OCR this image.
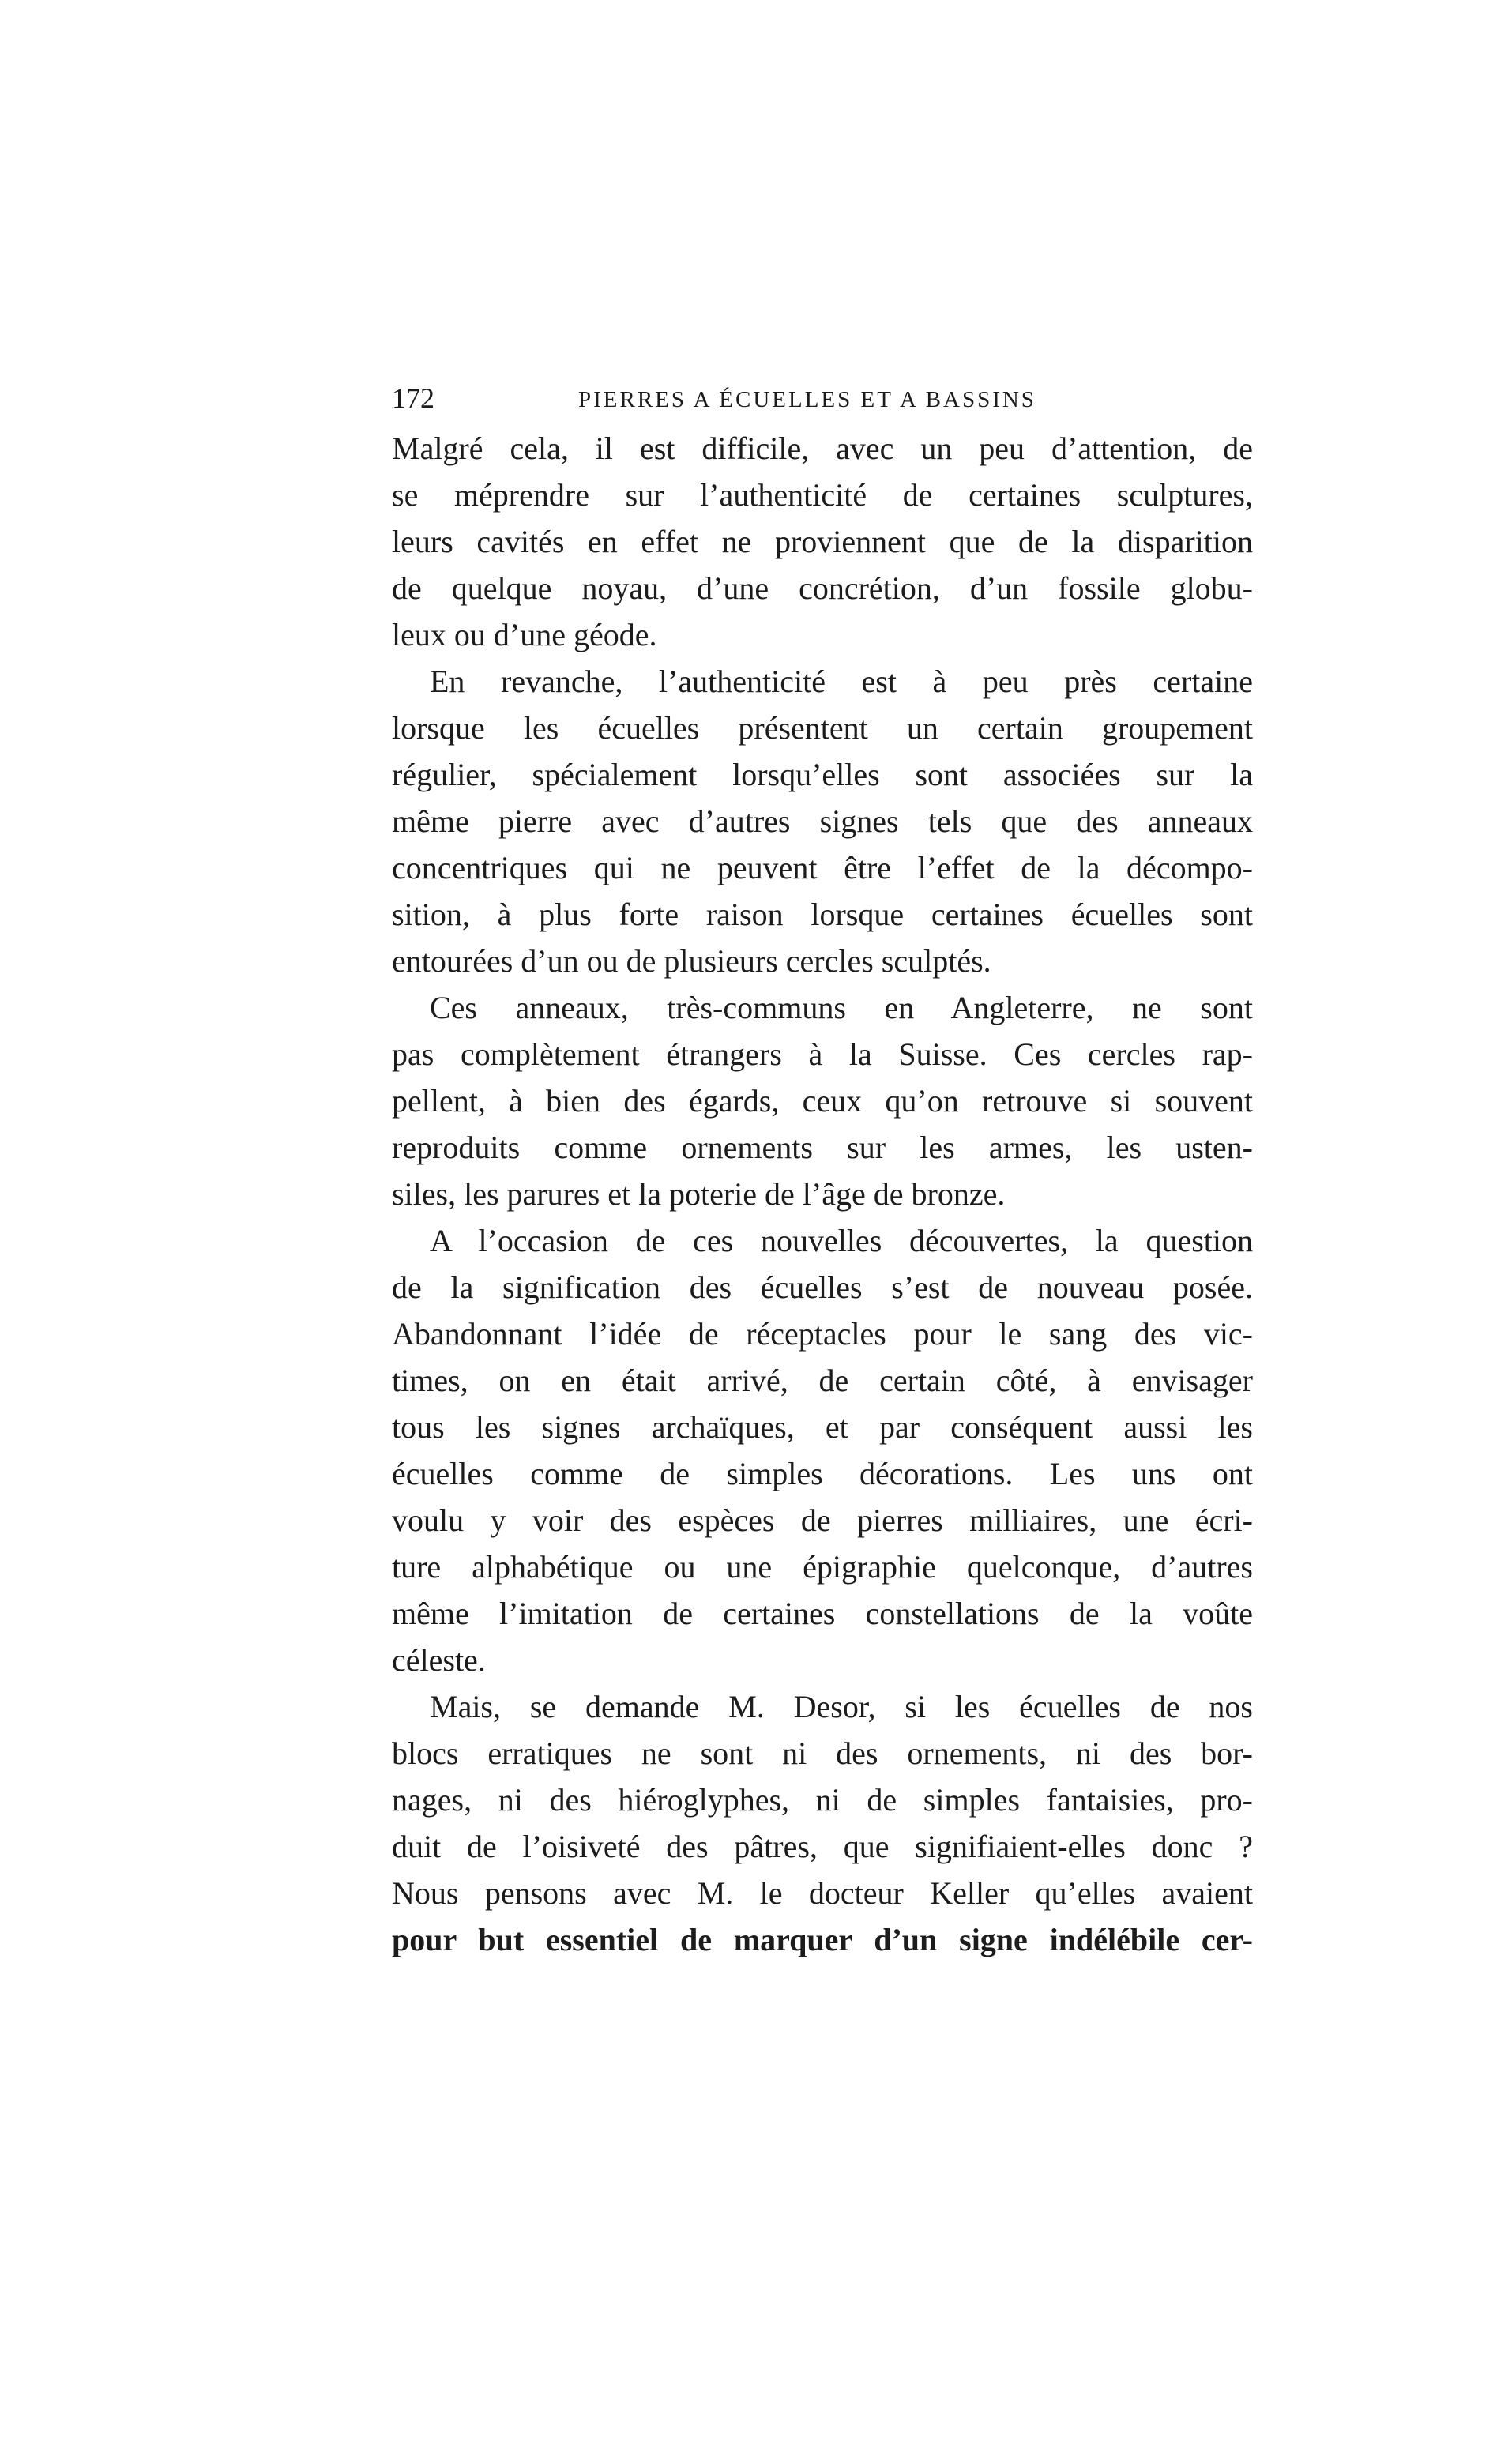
172	PIERRES A ÉCUELLES ET A BASSINS
Malgré cela, il est difficile, avec un peu d’attention, de
se méprendre sur l’authenticité de certaines sculptures,
leurs cavités en effet ne proviennent que de la disparition
de quelque noyau, d’une concrétion, d’un fossile globu-
leux ou d’une géode.
En revanche, l’authenticité est à peu près certaine
lorsque les écuelles présentent un certain groupement
régulier, spécialement lorsqu’elles sont associées sur la
même pierre avec d’autres signes tels que des anneaux
concentriques qui ne peuvent être l’effet de la décompo-
sition, à plus forte raison lorsque certaines écuelles sont
entourées d’un ou de plusieurs cercles sculptés.
Ces anneaux, très-communs en Angleterre, ne sont
pas complètement étrangers à la Suisse. Ces cercles rap-
pellent, à bien des égards, ceux qu’on retrouve si souvent
reproduits comme ornements sur les armes, les usten-
siles, les parures et la poterie de l’âge de bronze.
A l’occasion de ces nouvelles découvertes, la question
de la signification des écuelles s’est de nouveau posée.
Abandonnant l’idée de réceptacles pour le sang des vic-
times, on en était arrivé, de certain côté, à envisager
tous les signes archaïques, et par conséquent aussi les
écuelles comme de simples décorations. Les uns ont
voulu y voir des espèces de pierres milliaires, une écri-
ture alphabétique ou une épigraphie quelconque, d’autres
même l’imitation de certaines constellations de la voûte
céleste.
Mais, se demande M. Desor, si les écuelles de nos
blocs erratiques ne sont ni des ornements, ni des bor-
nages, ni des hiéroglyphes, ni de simples fantaisies, pro-
duit de l’oisiveté des pâtres, que signifiaient-elles donc ?
Nous pensons avec M. le docteur Keller qu’elles avaient
pour but essentiel de marquer d’un signe indélébile cer-
